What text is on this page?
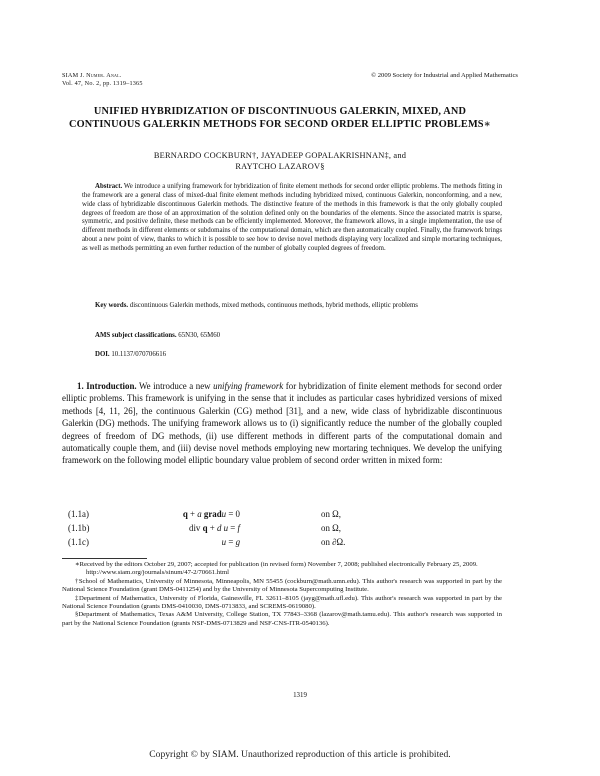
SIAM J. Numer. Anal.
Vol. 47, No. 2, pp. 1319–1365
© 2009 Society for Industrial and Applied Mathematics
UNIFIED HYBRIDIZATION OF DISCONTINUOUS GALERKIN, MIXED, AND CONTINUOUS GALERKIN METHODS FOR SECOND ORDER ELLIPTIC PROBLEMS∗
BERNARDO COCKBURN†, JAYADEEP GOPALAKRISHNAN‡, and
RAYTCHO LAZAROV§

Abstract. We introduce a unifying framework for hybridization of finite element methods for second order elliptic problems. The methods fitting in the framework are a general class of mixed-dual finite element methods including hybridized mixed, continuous Galerkin, nonconforming, and a new, wide class of hybridizable discontinuous Galerkin methods. The distinctive feature of the methods in this framework is that the only globally coupled degrees of freedom are those of an approximation of the solution defined only on the boundaries of the elements. Since the associated matrix is sparse, symmetric, and positive definite, these methods can be efficiently implemented. Moreover, the framework allows, in a single implementation, the use of different methods in different elements or subdomains of the computational domain, which are then automatically coupled. Finally, the framework brings about a new point of view, thanks to which it is possible to see how to devise novel methods displaying very localized and simple mortaring techniques, as well as methods permitting an even further reduction of the number of globally coupled degrees of freedom.

Key words. discontinuous Galerkin methods, mixed methods, continuous methods, hybrid methods, elliptic problems
AMS subject classifications. 65N30, 65M60
DOI. 10.1137/070706616

1. Introduction. We introduce a new unifying framework for hybridization of finite element methods for second order elliptic problems. This framework is unifying in the sense that it includes as particular cases hybridized versions of mixed methods [4, 11, 26], the continuous Galerkin (CG) method [31], and a new, wide class of hybridizable discontinuous Galerkin (DG) methods. The unifying framework allows us to (i) significantly reduce the number of the globally coupled degrees of freedom of DG methods, (ii) use different methods in different parts of the computational domain and automatically couple them, and (iii) devise novel methods employing new mortaring techniques. We develop the unifying framework on the following model elliptic boundary value problem of second order written in mixed form:

(1.1a)	q + a gradu = 0	on Ω,
(1.1b)	div q + d u = f	on Ω,
(1.1c)	u = g	on ∂Ω.

∗Received by the editors October 29, 2007; accepted for publication (in revised form) November 7, 2008; published electronically February 25, 2009.

http://www.siam.org/journals/sinum/47-2/70661.html

†School of Mathematics, University of Minnesota, Minneapolis, MN 55455 (cockburn@math.umn.edu). This author's research was supported in part by the National Science Foundation (grant DMS-0411254) and by the University of Minnesota Supercomputing Institute.

‡Department of Mathematics, University of Florida, Gainesville, FL 32611–8105 (jayg@math.ufl.edu). This author's research was supported in part by the National Science Foundation (grants DMS-0410030, DMS-0713833, and SCREMS-0619080).

§Department of Mathematics, Texas A&M University, College Station, TX 77843–3368 (lazarov@math.tamu.edu). This author's research was supported in part by the National Science Foundation (grants NSF-DMS-0713829 and NSF-CNS-ITR-0540136).

1319
Copyright © by SIAM. Unauthorized reproduction of this article is prohibited.
